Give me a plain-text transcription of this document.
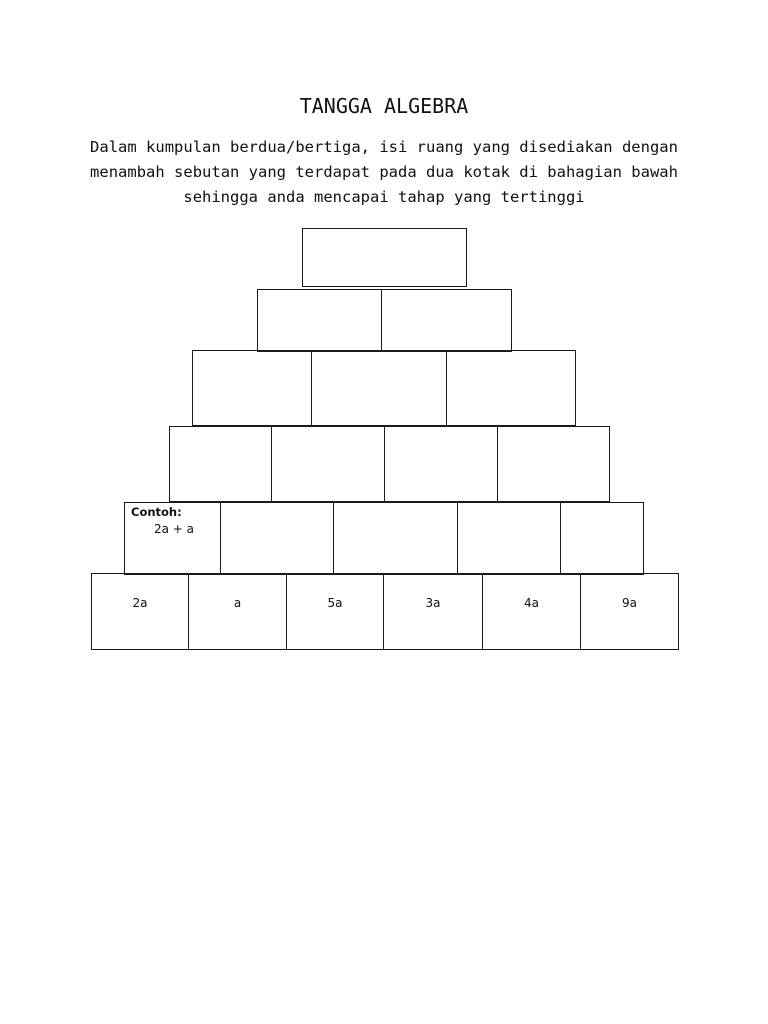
TANGGA ALGEBRA
Dalam kumpulan berdua/bertiga, isi ruang yang disediakan dengan
menambah sebutan yang terdapat pada dua kotak di bahagian bawah
sehingga anda mencapai tahap yang tertinggi
Contoh:
2a + a
2a	a	5a	3a	4a	9a
